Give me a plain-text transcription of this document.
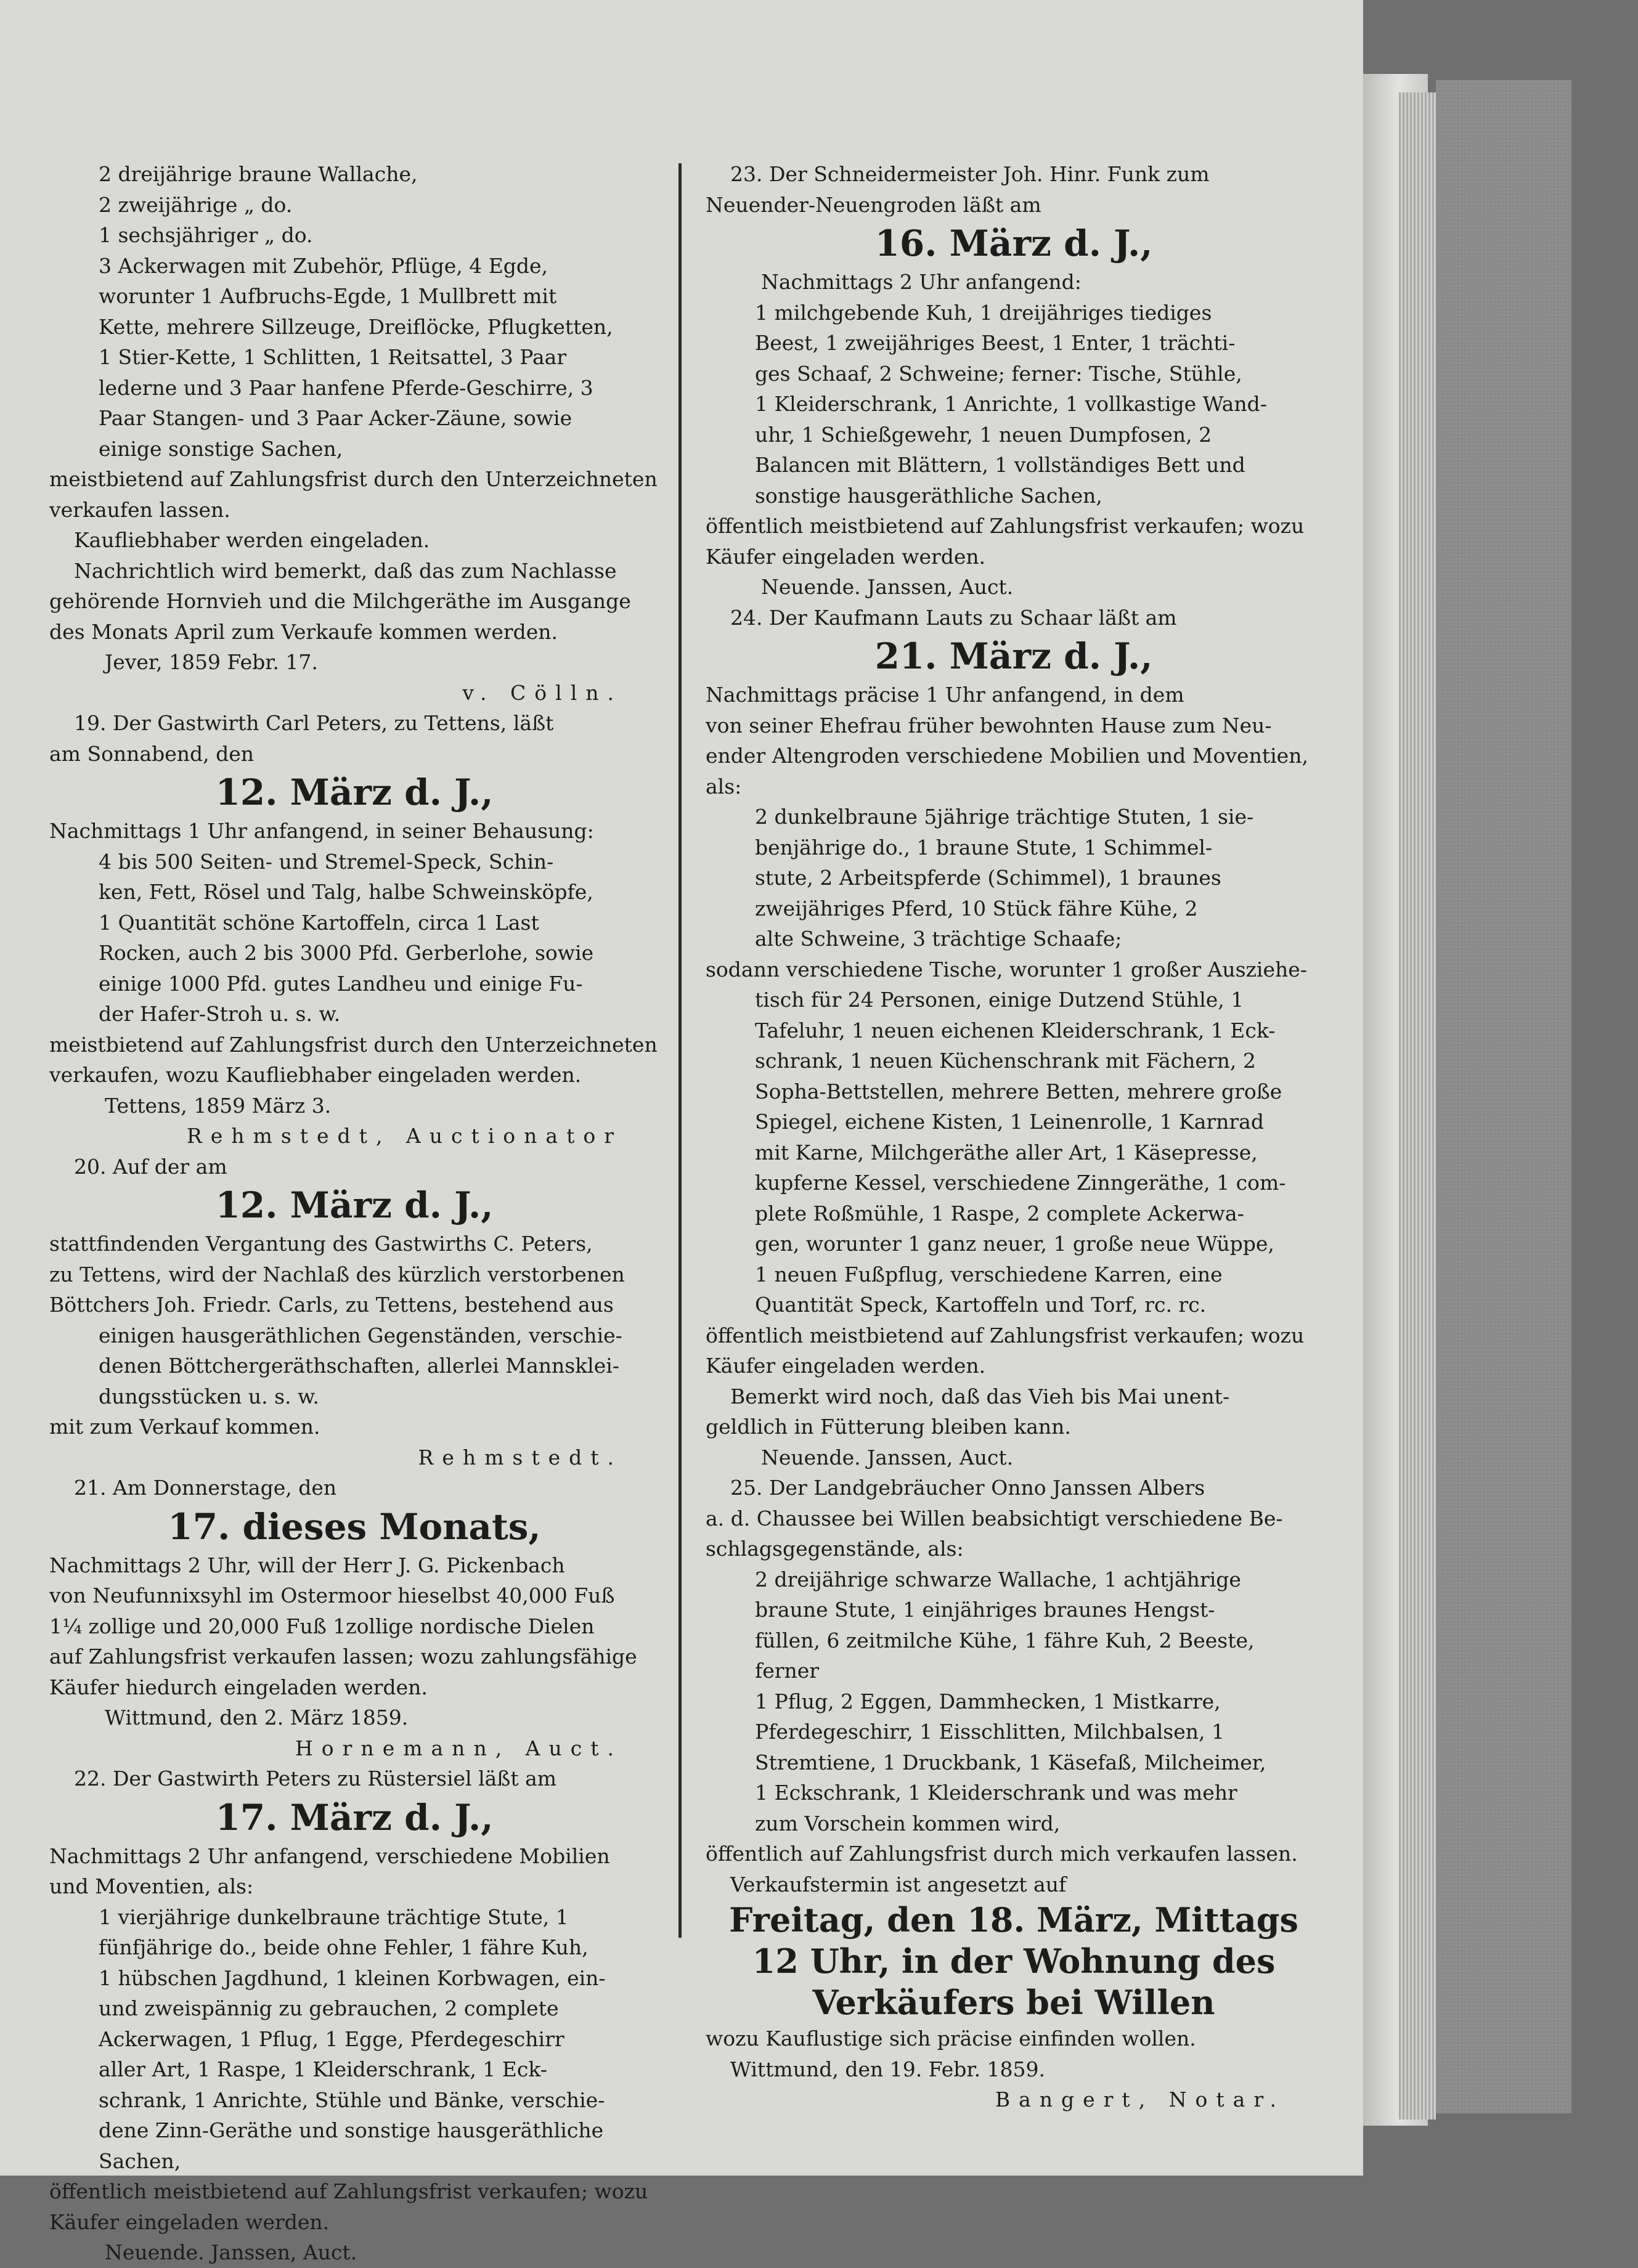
2 dreijährige braune Wallache,
2 zweijährige „ do.
1 sechsjähriger „ do.
3 Ackerwagen mit Zubehör, Pflüge, 4 Egde,
worunter 1 Aufbruchs-Egde, 1 Mullbrett mit
Kette, mehrere Sillzeuge, Dreiflöcke, Pflugketten,
1 Stier-Kette, 1 Schlitten, 1 Reitsattel, 3 Paar
lederne und 3 Paar hanfene Pferde-Geschirre, 3
Paar Stangen- und 3 Paar Acker-Zäune, sowie
einige sonstige Sachen,
meistbietend auf Zahlungsfrist durch den Unterzeichneten
verkaufen lassen.
Kaufliebhaber werden eingeladen.
Nachrichtlich wird bemerkt, daß das zum Nachlasse
gehörende Hornvieh und die Milchgeräthe im Ausgange
des Monats April zum Verkaufe kommen werden.
Jever, 1859 Febr. 17.
v. Cölln.
19. Der Gastwirth Carl Peters, zu Tettens, läßt
am Sonnabend, den
12. März d. J.,
Nachmittags 1 Uhr anfangend, in seiner Behausung:
4 bis 500 Seiten- und Stremel-Speck, Schin-
ken, Fett, Rösel und Talg, halbe Schweinsköpfe,
1 Quantität schöne Kartoffeln, circa 1 Last
Rocken, auch 2 bis 3000 Pfd. Gerberlohe, sowie
einige 1000 Pfd. gutes Landheu und einige Fu-
der Hafer-Stroh u. s. w.
meistbietend auf Zahlungsfrist durch den Unterzeichneten
verkaufen, wozu Kaufliebhaber eingeladen werden.
Tettens, 1859 März 3.
Rehmstedt, Auctionator
20. Auf der am
12. März d. J.,
stattfindenden Vergantung des Gastwirths C. Peters,
zu Tettens, wird der Nachlaß des kürzlich verstorbenen
Böttchers Joh. Friedr. Carls, zu Tettens, bestehend aus
einigen hausgeräthlichen Gegenständen, verschie-
denen Böttchergeräthschaften, allerlei Mannsklei-
dungsstücken u. s. w.
mit zum Verkauf kommen.
Rehmstedt.
21. Am Donnerstage, den
17. dieses Monats,
Nachmittags 2 Uhr, will der Herr J. G. Pickenbach
von Neufunnixsyhl im Ostermoor hieselbst 40,000 Fuß
1¼ zollige und 20,000 Fuß 1zollige nordische Dielen
auf Zahlungsfrist verkaufen lassen; wozu zahlungsfähige
Käufer hiedurch eingeladen werden.
Wittmund, den 2. März 1859.
Hornemann, Auct.
22. Der Gastwirth Peters zu Rüstersiel läßt am
17. März d. J.,
Nachmittags 2 Uhr anfangend, verschiedene Mobilien
und Moventien, als:
1 vierjährige dunkelbraune trächtige Stute, 1
fünfjährige do., beide ohne Fehler, 1 fähre Kuh,
1 hübschen Jagdhund, 1 kleinen Korbwagen, ein-
und zweispännig zu gebrauchen, 2 complete
Ackerwagen, 1 Pflug, 1 Egge, Pferdegeschirr
aller Art, 1 Raspe, 1 Kleiderschrank, 1 Eck-
schrank, 1 Anrichte, Stühle und Bänke, verschie-
dene Zinn-Geräthe und sonstige hausgeräthliche
Sachen,
öffentlich meistbietend auf Zahlungsfrist verkaufen; wozu
Käufer eingeladen werden.
Neuende. Janssen, Auct.
23. Der Schneidermeister Joh. Hinr. Funk zum
Neuender-Neuengroden läßt am
16. März d. J.,
Nachmittags 2 Uhr anfangend:
1 milchgebende Kuh, 1 dreijähriges tiediges
Beest, 1 zweijähriges Beest, 1 Enter, 1 trächti-
ges Schaaf, 2 Schweine; ferner: Tische, Stühle,
1 Kleiderschrank, 1 Anrichte, 1 vollkastige Wand-
uhr, 1 Schießgewehr, 1 neuen Dumpfosen, 2
Balancen mit Blättern, 1 vollständiges Bett und
sonstige hausgeräthliche Sachen,
öffentlich meistbietend auf Zahlungsfrist verkaufen; wozu
Käufer eingeladen werden.
Neuende. Janssen, Auct.
24. Der Kaufmann Lauts zu Schaar läßt am
21. März d. J.,
Nachmittags präcise 1 Uhr anfangend, in dem
von seiner Ehefrau früher bewohnten Hause zum Neu-
ender Altengroden verschiedene Mobilien und Moventien,
als:
2 dunkelbraune 5jährige trächtige Stuten, 1 sie-
benjährige do., 1 braune Stute, 1 Schimmel-
stute, 2 Arbeitspferde (Schimmel), 1 braunes
zweijähriges Pferd, 10 Stück fähre Kühe, 2
alte Schweine, 3 trächtige Schaafe;
sodann verschiedene Tische, worunter 1 großer Ausziehe-
tisch für 24 Personen, einige Dutzend Stühle, 1
Tafeluhr, 1 neuen eichenen Kleiderschrank, 1 Eck-
schrank, 1 neuen Küchenschrank mit Fächern, 2
Sopha-Bettstellen, mehrere Betten, mehrere große
Spiegel, eichene Kisten, 1 Leinenrolle, 1 Karnrad
mit Karne, Milchgeräthe aller Art, 1 Käsepresse,
kupferne Kessel, verschiedene Zinngeräthe, 1 com-
plete Roßmühle, 1 Raspe, 2 complete Ackerwa-
gen, worunter 1 ganz neuer, 1 große neue Wüppe,
1 neuen Fußpflug, verschiedene Karren, eine
Quantität Speck, Kartoffeln und Torf, rc. rc.
öffentlich meistbietend auf Zahlungsfrist verkaufen; wozu
Käufer eingeladen werden.
Bemerkt wird noch, daß das Vieh bis Mai unent-
geldlich in Fütterung bleiben kann.
Neuende. Janssen, Auct.
25. Der Landgebräucher Onno Janssen Albers
a. d. Chaussee bei Willen beabsichtigt verschiedene Be-
schlagsgegenstände, als:
2 dreijährige schwarze Wallache, 1 achtjährige
braune Stute, 1 einjähriges braunes Hengst-
füllen, 6 zeitmilche Kühe, 1 fähre Kuh, 2 Beeste,
ferner
1 Pflug, 2 Eggen, Dammhecken, 1 Mistkarre,
Pferdegeschirr, 1 Eisschlitten, Milchbalsen, 1
Stremtiene, 1 Druckbank, 1 Käsefaß, Milcheimer,
1 Eckschrank, 1 Kleiderschrank und was mehr
zum Vorschein kommen wird,
öffentlich auf Zahlungsfrist durch mich verkaufen lassen.
Verkaufstermin ist angesetzt auf
Freitag, den 18. März, Mittags
12 Uhr, in der Wohnung des
Verkäufers bei Willen
wozu Kauflustige sich präcise einfinden wollen.
Wittmund, den 19. Febr. 1859.
Bangert, Notar.
